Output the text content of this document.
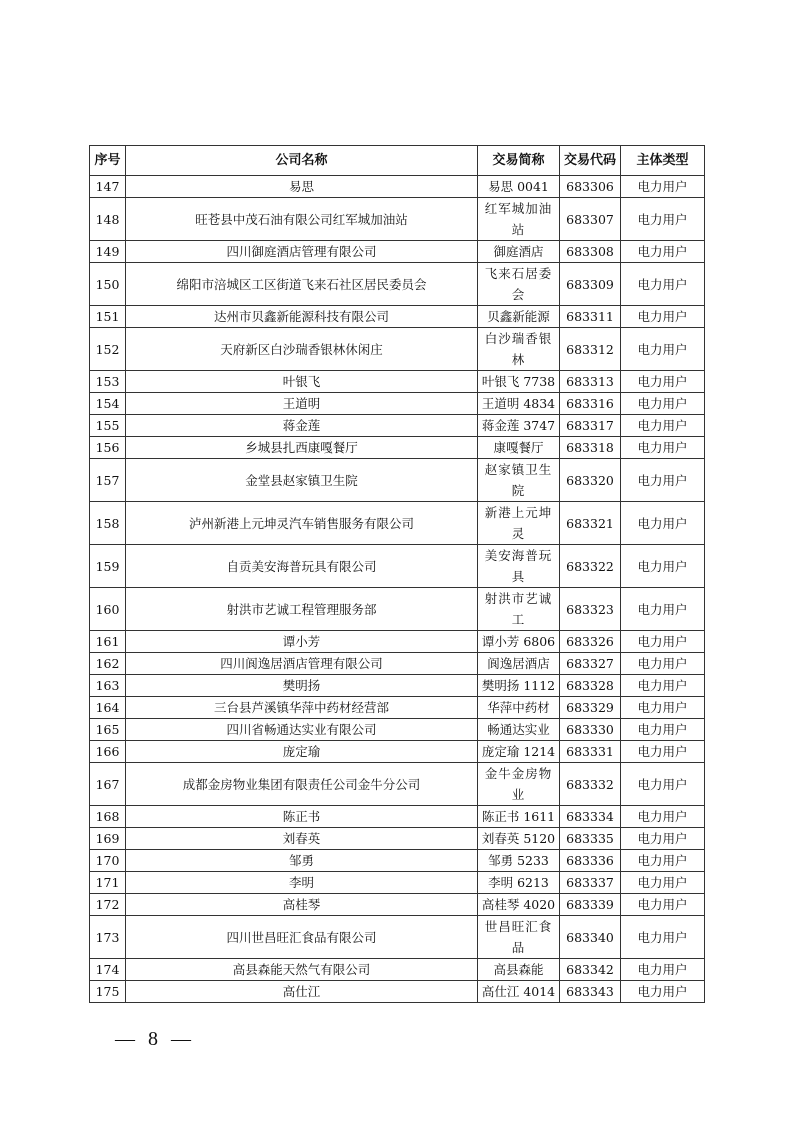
序号	公司名称	交易简称	交易代码	主体类型
147	易思	易思 0041	683306	电力用户
148	旺苍县中茂石油有限公司红军城加油站	红军城加油站	683307	电力用户
149	四川御庭酒店管理有限公司	御庭酒店	683308	电力用户
150	绵阳市涪城区工区街道飞来石社区居民委员会	飞来石居委会	683309	电力用户
151	达州市贝鑫新能源科技有限公司	贝鑫新能源	683311	电力用户
152	天府新区白沙瑞香银林休闲庄	白沙瑞香银林	683312	电力用户
153	叶银飞	叶银飞 7738	683313	电力用户
154	王道明	王道明 4834	683316	电力用户
155	蒋金莲	蒋金莲 3747	683317	电力用户
156	乡城县扎西康嘎餐厅	康嘎餐厅	683318	电力用户
157	金堂县赵家镇卫生院	赵家镇卫生院	683320	电力用户
158	泸州新港上元坤灵汽车销售服务有限公司	新港上元坤灵	683321	电力用户
159	自贡美安海普玩具有限公司	美安海普玩具	683322	电力用户
160	射洪市艺诚工程管理服务部	射洪市艺诚工	683323	电力用户
161	谭小芳	谭小芳 6806	683326	电力用户
162	四川阆逸居酒店管理有限公司	阆逸居酒店	683327	电力用户
163	樊明扬	樊明扬 1112	683328	电力用户
164	三台县芦溪镇华萍中药材经营部	华萍中药材	683329	电力用户
165	四川省畅通达实业有限公司	畅通达实业	683330	电力用户
166	庞定瑜	庞定瑜 1214	683331	电力用户
167	成都金房物业集团有限责任公司金牛分公司	金牛金房物业	683332	电力用户
168	陈正书	陈正书 1611	683334	电力用户
169	刘春英	刘春英 5120	683335	电力用户
170	邹勇	邹勇 5233	683336	电力用户
171	李明	李明 6213	683337	电力用户
172	高桂琴	高桂琴 4020	683339	电力用户
173	四川世昌旺汇食品有限公司	世昌旺汇食品	683340	电力用户
174	高县森能天然气有限公司	高县森能	683342	电力用户
175	高仕江	高仕江 4014	683343	电力用户
— 8 —
